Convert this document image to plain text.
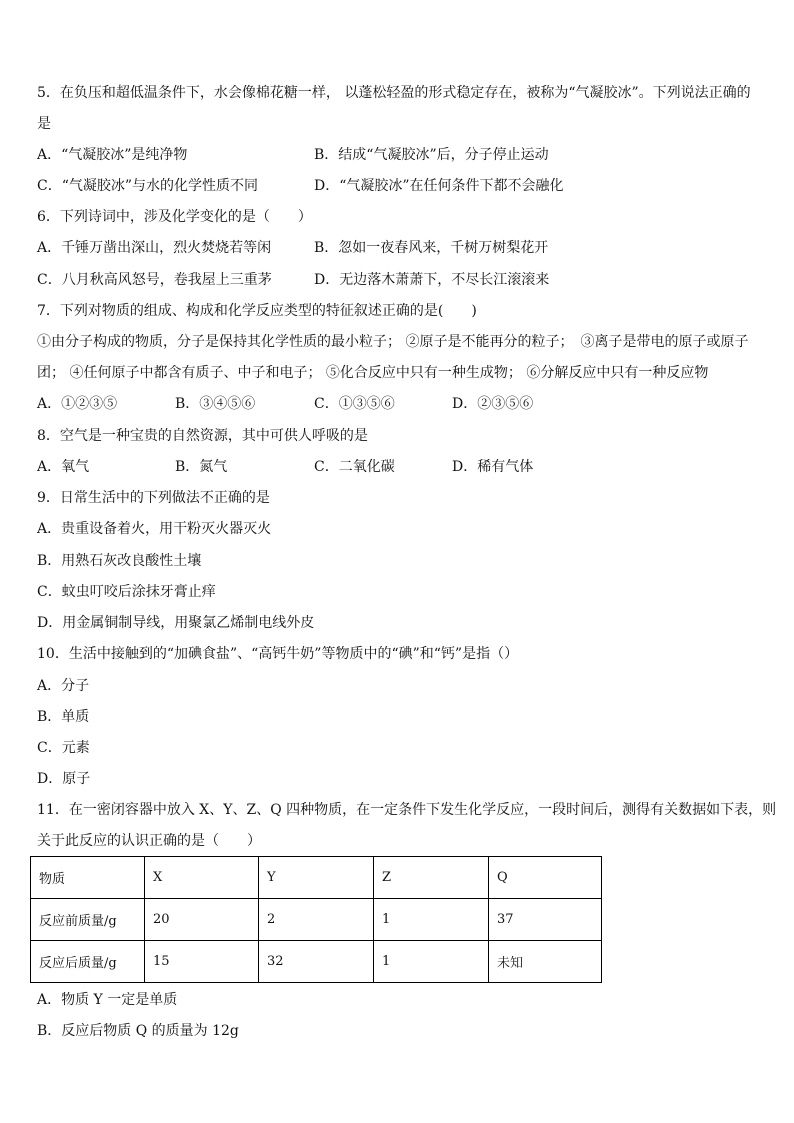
5．在负压和超低温条件下，水会像棉花糖一样， 以蓬松轻盈的形式稳定存在，被称为“气凝胶冰”。下列说法正确的
是
A．“气凝胶冰”是纯净物	B．结成“气凝胶冰”后，分子停止运动
C．“气凝胶冰”与水的化学性质不同	D．“气凝胶冰”在任何条件下都不会融化
6．下列诗词中，涉及化学变化的是（　　）
A．千锤万凿出深山，烈火焚烧若等闲	B．忽如一夜春风来，千树万树梨花开
C．八月秋高风怒号，卷我屋上三重茅	D．无边落木萧萧下，不尽长江滚滚来
7．下列对物质的组成、构成和化学反应类型的特征叙述正确的是(　　)
①由分子构成的物质，分子是保持其化学性质的最小粒子； ②原子是不能再分的粒子；　③离子是带电的原子或原子
团； ④任何原子中都含有质子、中子和电子； ⑤化合反应中只有一种生成物； ⑥分解反应中只有一种反应物
A．①②③⑤	B．③④⑤⑥	C．①③⑤⑥	D．②③⑤⑥
8．空气是一种宝贵的自然资源，其中可供人呼吸的是
A．氧气	B．氮气	C．二氧化碳	D．稀有气体
9．日常生活中的下列做法不正确的是
A．贵重设备着火，用干粉灭火器灭火
B．用熟石灰改良酸性土壤
C．蚊虫叮咬后涂抹牙膏止痒
D．用金属铜制导线，用聚氯乙烯制电线外皮
10．生活中接触到的“加碘食盐”、“高钙牛奶”等物质中的“碘”和“钙”是指（）
A．分子
B．单质
C．元素
D．原子
11．在一密闭容器中放入 X、Y、Z、Q 四种物质，在一定条件下发生化学反应，一段时间后，测得有关数据如下表，则
关于此反应的认识正确的是（　　）
物质	X	Y	Z	Q
反应前质量/g	20	2	1	37
反应后质量/g	15	32	1	未知
A．物质 Y 一定是单质
B．反应后物质 Q 的质量为 12g
